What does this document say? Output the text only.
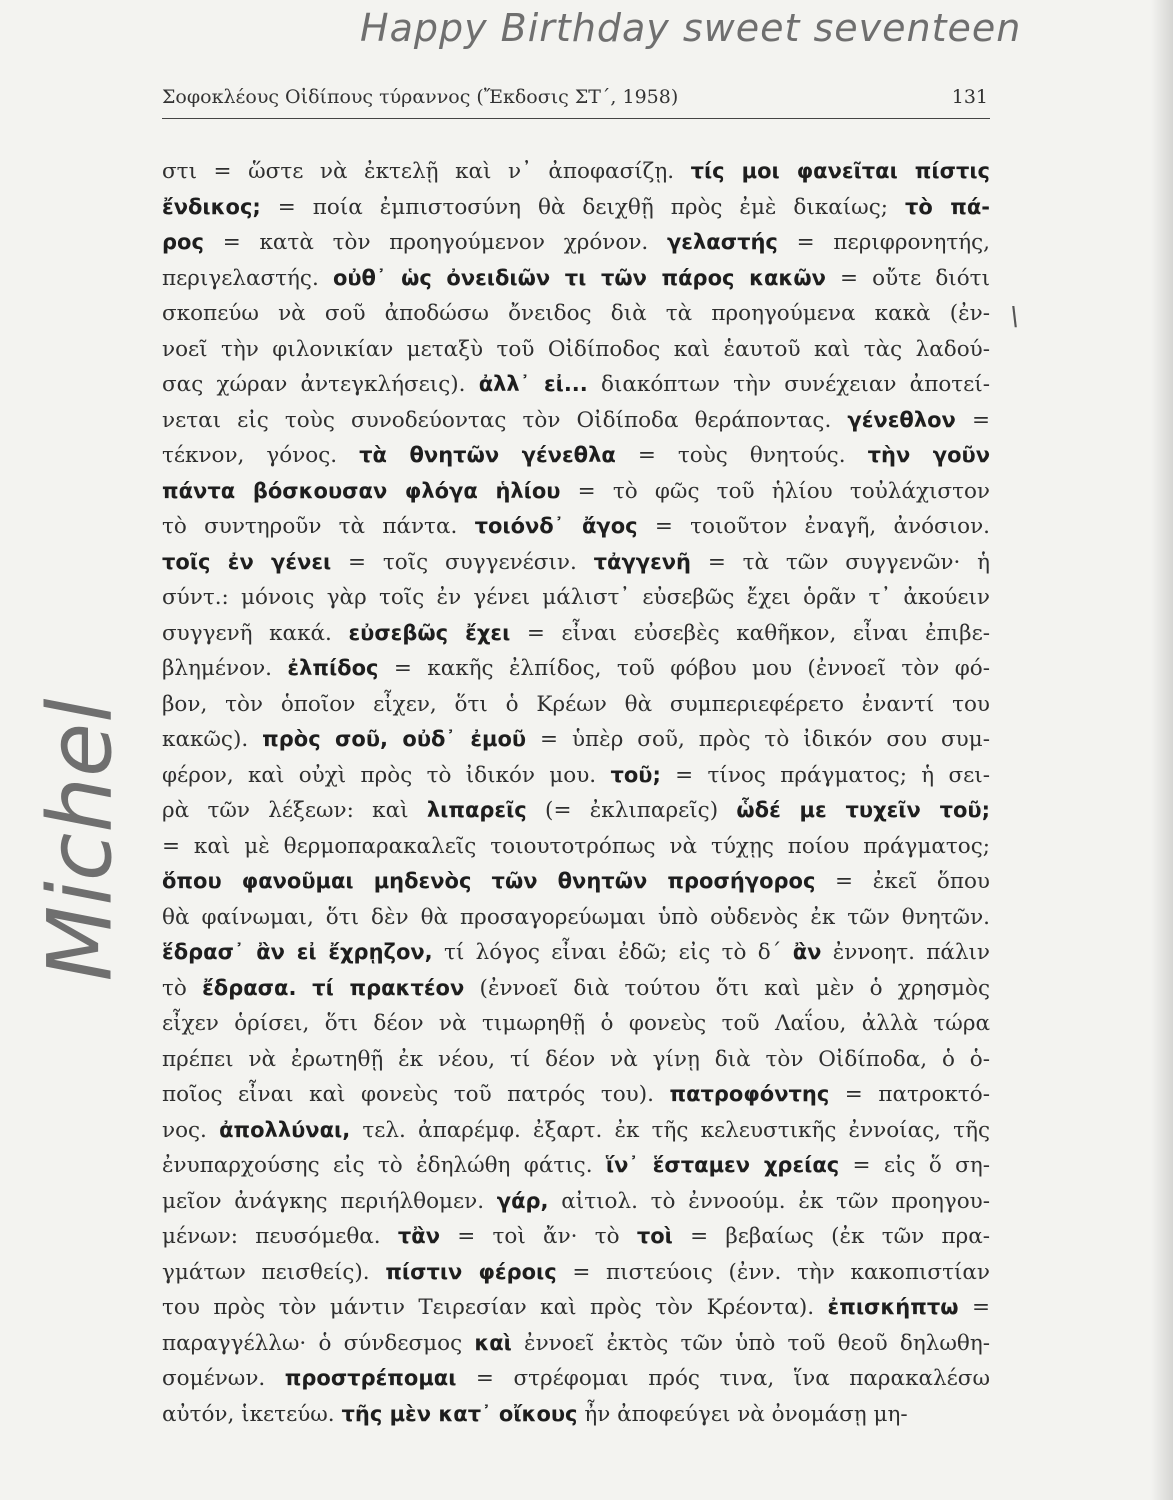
Happy Birthday sweet seventeen
Michel
\
Σοφοκλέους Οἰδίπους τύραννος (Ἔκδοσις ΣΤ΄, 1958)	131
στι = ὥστε νὰ ἐκτελῇ καὶ ν᾿ ἀποφασίζῃ. τίς μοι φανεῖται πίστις
ἔνδικος; = ποία ἐμπιστοσύνη θὰ δειχθῇ πρὸς ἐμὲ δικαίως; τὸ πά-
ρος = κατὰ τὸν προηγούμενον χρόνον. γελαστής = περιφρονητής,
περιγελαστής. οὐθ᾿ ὡς ὀνειδιῶν τι τῶν πάρος κακῶν = οὔτε διότι
σκοπεύω νὰ σοῦ ἀποδώσω ὄνειδος διὰ τὰ προηγούμενα κακὰ (ἐν-
νοεῖ τὴν φιλονικίαν μεταξὺ τοῦ Οἰδίποδος καὶ ἑαυτοῦ καὶ τὰς λαδού-
σας χώραν ἀντεγκλήσεις). ἀλλ᾿ εἰ... διακόπτων τὴν συνέχειαν ἀποτεί-
νεται εἰς τοὺς συνοδεύοντας τὸν Οἰδίποδα θεράποντας. γένεθλον =
τέκνον, γόνος. τὰ θνητῶν γένεθλα = τοὺς θνητούς. τὴν γοῦν
πάντα βόσκουσαν φλόγα ἡλίου = τὸ φῶς τοῦ ἡλίου τοὐλάχιστον
τὸ συντηροῦν τὰ πάντα. τοιόνδ᾿ ἄγος = τοιοῦτον ἐναγῆ, ἀνόσιον.
τοῖς ἐν γένει = τοῖς συγγενέσιν. τἀγγενῆ = τὰ τῶν συγγενῶν· ἡ
σύντ.: μόνοις γὰρ τοῖς ἐν γένει μάλιστ᾿ εὐσεβῶς ἔχει ὁρᾶν τ᾿ ἀκούειν
συγγενῆ κακά. εὐσεβῶς ἔχει = εἶναι εὐσεβὲς καθῆκον, εἶναι ἐπιβε-
βλημένον. ἐλπίδος = κακῆς ἐλπίδος, τοῦ φόβου μου (ἐννοεῖ τὸν φό-
βον, τὸν ὁποῖον εἶχεν, ὅτι ὁ Κρέων θὰ συμπεριεφέρετο ἐναντί του
κακῶς). πρὸς σοῦ, οὐδ᾿ ἐμοῦ = ὑπὲρ σοῦ, πρὸς τὸ ἰδικόν σου συμ-
φέρον, καὶ οὐχὶ πρὸς τὸ ἰδικόν μου. τοῦ; = τίνος πράγματος; ἡ σει-
ρὰ τῶν λέξεων: καὶ λιπαρεῖς (= ἐκλιπαρεῖς) ὧδέ με τυχεῖν τοῦ;
= καὶ μὲ θερμοπαρακαλεῖς τοιουτοτρόπως νὰ τύχῃς ποίου πράγματος;
ὅπου φανοῦμαι μηδενὸς τῶν θνητῶν προσήγορος = ἐκεῖ ὅπου
θὰ φαίνωμαι, ὅτι δὲν θὰ προσαγορεύωμαι ὑπὸ οὐδενὸς ἐκ τῶν θνητῶν.
ἕδρασ᾿ ἂν εἰ ἔχρῃζον, τί λόγος εἶναι ἐδῶ; εἰς τὸ δ΄ ἂν ἐννοητ. πάλιν
τὸ ἔδρασα. τί πρακτέον (ἐννοεῖ διὰ τούτου ὅτι καὶ μὲν ὁ χρησμὸς
εἶχεν ὁρίσει, ὅτι δέον νὰ τιμωρηθῇ ὁ φονεὺς τοῦ Λαΐου, ἀλλὰ τώρα
πρέπει νὰ ἐρωτηθῇ ἐκ νέου, τί δέον νὰ γίνῃ διὰ τὸν Οἰδίποδα, ὁ ὁ-
ποῖος εἶναι καὶ φονεὺς τοῦ πατρός του). πατροφόντης = πατροκτό-
νος. ἀπολλύναι, τελ. ἀπαρέμφ. ἐξαρτ. ἐκ τῆς κελευστικῆς ἐννοίας, τῆς
ἐνυπαρχούσης εἰς τὸ ἐδηλώθη φάτις. ἵν᾿ ἕσταμεν χρείας = εἰς ὅ ση-
μεῖον ἀνάγκης περιήλθομεν. γάρ, αἰτιολ. τὸ ἐννοούμ. ἐκ τῶν προηγου-
μένων: πευσόμεθα. τἂν = τοὶ ἄν· τὸ τοὶ = βεβαίως (ἐκ τῶν πρα-
γμάτων πεισθείς). πίστιν φέροις = πιστεύοις (ἐνν. τὴν κακοπιστίαν
του πρὸς τὸν μάντιν Τειρεσίαν καὶ πρὸς τὸν Κρέοντα). ἐπισκήπτω =
παραγγέλλω· ὁ σύνδεσμος καὶ ἐννοεῖ ἐκτὸς τῶν ὑπὸ τοῦ θεοῦ δηλωθη-
σομένων. προστρέπομαι = στρέφομαι πρός τινα, ἵνα παρακαλέσω
αὐτόν, ἱκετεύω. τῆς μὲν κατ᾿ οἴκους ἦν ἀποφεύγει νὰ ὀνομάσῃ μη-
